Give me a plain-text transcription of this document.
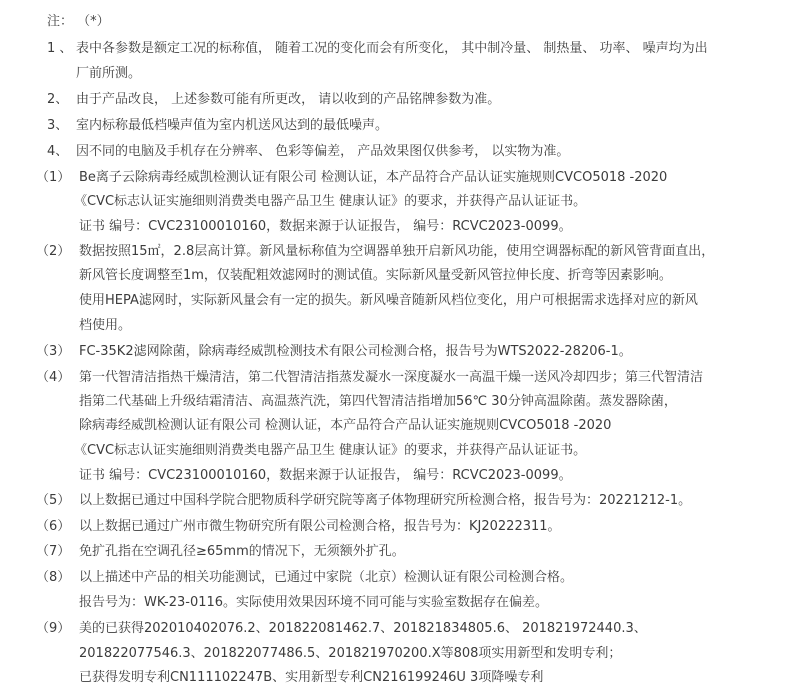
注： （*）
1 、 表中各参数是额定工况的标称值， 随着工况的变化而会有所变化， 其中制冷量、 制热量、 功率、 噪声均为出
厂前所测。
2、 由于产品改良， 上述参数可能有所更改， 请以收到的产品铭牌参数为准。
3、 室内标称最低档噪声值为室内机送风达到的最低噪声。
4、 因不同的电脑及手机存在分辨率、 色彩等偏差， 产品效果图仅供参考， 以实物为准。
（1） Be离子云除病毒经威凯检测认证有限公司 检测认证，本产品符合产品认证实施规则CVCO5018 -2020
《CVC标志认证实施细则消费类电器产品卫生 健康认证》的要求，并获得产品认证证书。
证书 编号：CVC23100010160，数据来源于认证报告， 编号：RCVC2023-0099。
（2） 数据按照15㎡，2.8层高计算。新风量标称值为空调器单独开启新风功能，使用空调器标配的新风管背面直出，
新风管长度调整至1m，仅装配粗效滤网时的测试值。实际新风量受新风管拉伸长度、折弯等因素影响。
使用HEPA滤网时，实际新风量会有一定的损失。新风噪音随新风档位变化，用户可根据需求选择对应的新风
档使用。
（3） FC-35K2滤网除菌，除病毒经威凯检测技术有限公司检测合格，报告号为WTS2022-28206-1。
（4） 第一代智清洁指热干燥清洁，第二代智清洁指蒸发凝水一深度凝水一高温干燥一送风冷却四步；第三代智清洁
指第二代基础上升级结霜清洁、高温蒸汽洗，第四代智清洁指增加56℃ 30分钟高温除菌。蒸发器除菌，
除病毒经威凯检测认证有限公司 检测认证，本产品符合产品认证实施规则CVCO5018 -2020
《CVC标志认证实施细则消费类电器产品卫生 健康认证》的要求，并获得产品认证证书。
证书 编号：CVC23100010160，数据来源于认证报告， 编号：RCVC2023-0099。
（5） 以上数据已通过中国科学院合肥物质科学研究院等离子体物理研究所检测合格，报告号为：20221212-1。
（6） 以上数据已通过广州市微生物研究所有限公司检测合格，报告号为：KJ20222311。
（7） 免扩孔指在空调孔径≥65mm的情况下，无须额外扩孔。
（8） 以上描述中产品的相关功能测试，已通过中家院（北京）检测认证有限公司检测合格。
报告号为：WK-23-0116。实际使用效果因环境不同可能与实验室数据存在偏差。
（9） 美的已获得202010402076.2、201822081462.7、201821834805.6、 201821972440.3、
201822077546.3、201822077486.5、201821970200.X等808项实用新型和发明专利；
已获得发明专利CN111102247B、实用新型专利CN216199246U 3项降噪专利
